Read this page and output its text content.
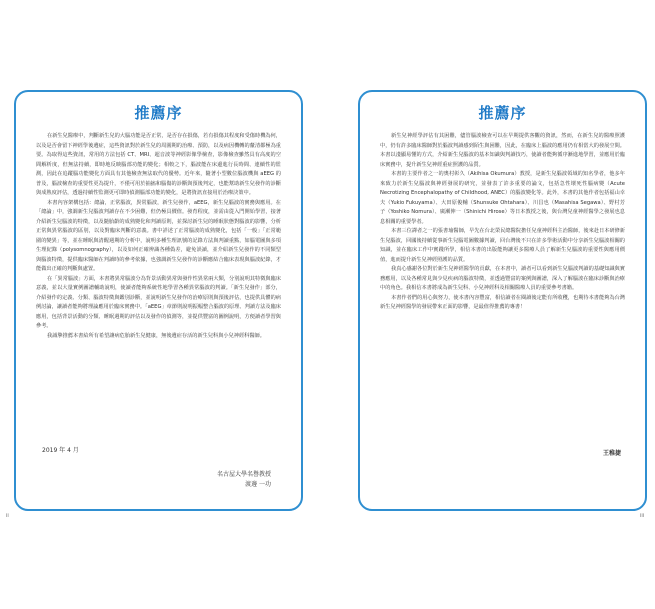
推薦序

在新生兒醫療中，判斷新生兒的大腦功能是否正常，是否存在損傷，若有損傷其程度和受傷時機為何，以及是否會留下神經學後遺症，這些資訊對於新生兒的周圍期的治療、預防，以及病因機轉的釐清都極為重要。為取得這些資訊，常用的方法包括 CT、MRI、超音波等神經影像學檢查，影像檢查雖然具有高度的空間解析度，但無法持續，即時地反映腦部功能的變化；相較之下，腦波能在床邊進行長時間、連續性的監測，因此在追蹤腦功能變化方面具有其他檢查無法取代的優勢。近年來，隨著小型數位腦波機與 aEEG 的普及，腦波檢查的重要性更為提升，不僅可用於抽搐和腦傷的診斷與預後判定，也能幫助新生兒發作的診斷與成熟度評估，透過持續性監測更可即時偵測腦部功能的變化，是將資訊直接用於治療決策中。

本書內容架構包括：總論，正常腦波，異常腦波，新生兒發作，aEEG，新生兒腦波的實務與應用。在「總論」中，強調新生兒腦波判讀存在不少困難，但仍極具價值。發育程度，並需由從入門開始學習，接著介紹新生兒腦波的特徵，以及隨胎齡的成熟變化和判讀原則，並探討新生兒的睡眠狀態對腦波的影響，分析正常與異常腦波的區別，以及對臨床判斷的意義。書中詳述了正常腦波的成熟變化，包括「一般」「正常範圍的變異」等，並在睡眠與清醒週期的分析中，說明多種生理訊號的記錄方法與判讀重點，如腦電圖與多項生理紀錄（polysomnography），以及如何正確辨識各種偽差，避免誤讀，並介紹新生兒發作的不同類型與腦波特徵，提供臨床醫師在判讀時的參考依據，也強調新生兒發作的診斷應結合臨床表現與腦波紀錄，才能做出正確的判斷與處置。

在「異常腦波」方面，本書將異常腦波分為背景活動異常與發作性異常兩大類，分別說明其特徵與臨床意義，並以大量實例圖譜輔助說明，使讀者能夠系統性地學習各種異常腦波的判讀。「新生兒發作」部分，介紹發作的定義、分類、腦波特徵與鑑別診斷，並說明新生兒發作的治療原則與預後評估，也提供具體的病例討論，讓讀者能夠將理論應用於臨床實務中。「aEEG」章節則說明振幅整合腦波的原理、判讀方法及臨床應用，包括背景活動的分類、睡眠週期的評估以及發作的偵測等，並提供豐富的圖例說明，方便讀者學習與參考。

我誠摯推薦本書給所有希望讓病危胎新生兒健康，無後遺症存活的新生兒科與小兒神經科醫師。

2019 年 4 月
名古屋大學名譽教授
渡邊 一功
推薦序

新生兒神經學評估有其困難，儘管腦波檢查可以在早期提供客觀的資訊，然而，在新生兒的醫療照護中，仍有許多臨床醫師對於腦波判讀感到陌生與困難，因此，在臨床上腦波的應用仍有相當大的發展空間。本書以淺顯易懂的方式，介紹新生兒腦波的基本知識與判讀技巧，使讀者能夠循序漸進地學習，並應用於臨床實務中，提升新生兒神經重症照護的品質。

本書的主要作者之一的奧村彰久（Akihisa Okumura）教授，是新生兒腦波領域的知名學者，他多年來致力於新生兒腦波與神經發展的研究，並發表了許多重要的論文，包括急性壞死性腦病變（Acute Necrotizing Encephalopathy of Childhood, ANEC）的腦波變化等。此外，本書的其他作者包括福山幸夫（Yukio Fukuyama）、大田原俊輔（Shunsuke Ohtahara）、川昌也（Masahisa Segawa）、野村芳子（Yoshiko Nomura）、廣瀬伸一（Shinichi Hirose）等日本教授之後，與台灣兒童神經醫學之發展也息息相關的重要學者。

本書三位譯者之一的張書瑜醫師，早先在台北榮民總醫院擔任兒童神經科主治醫師，後來赴日本研修新生兒腦波，回國後持續從事新生兒腦電圖數據判讀，回台灣後不只在許多學術活動中分享新生兒腦波相關的知識，並在臨床工作中實踐所學，相信本書的出版能夠讓更多醫療人員了解新生兒腦波的重要性與應用價值，進而提升新生兒神經照護的品質。

我真心感謝各位對於新生兒神經醫學的貢獻，在本書中，讀者可以看到新生兒腦波判讀的基礎知識與實務應用，以及各種常見與少見疾病的腦波特徵，並透過豐富的案例與圖譜，深入了解腦波在臨床診斷與治療中的角色。我相信本書將成為新生兒科、小兒神經科及相關醫療人員的重要參考書籍。

本書作者們的用心與努力，使本書內容豐富，相信讀者在閱讀後定能有所收穫，也期待本書能夠為台灣新生兒神經醫學的發展帶來正面的影響，是最值得推薦的專書！

王稚捷
ii	iii
